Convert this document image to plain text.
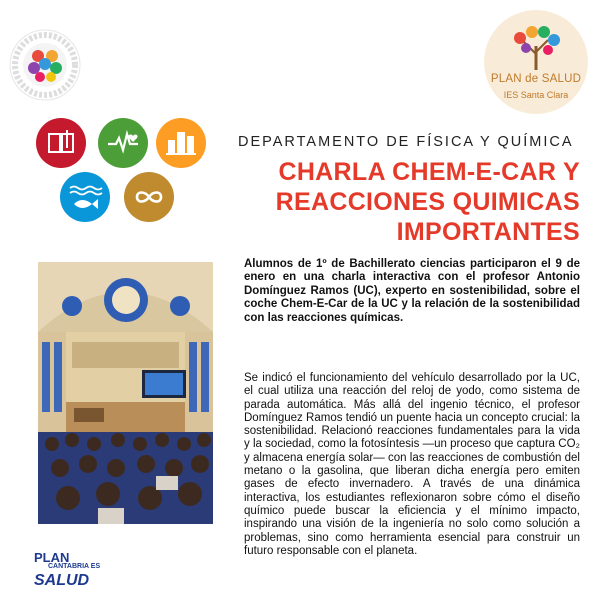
PLAN de SALUD
IES Santa Clara
DEPARTAMENTO DE FÍSICA Y QUÍMICA
CHARLA CHEM-E-CAR Y
REACCIONES QUIMICAS
IMPORTANTES
Alumnos de 1º de Bachillerato ciencias participaron el 9 de enero en una charla interactiva con el profesor Antonio Domínguez Ramos (UC), experto en sostenibilidad, sobre el coche Chem-E-Car de la UC y la relación de la sostenibilidad con las reacciones químicas.
Se indicó el funcionamiento del vehículo desarrollado por la UC, el cual utiliza una reacción del reloj de yodo, como sistema de parada automática. Más allá del ingenio técnico, el profesor Domínguez Ramos tendió un puente hacia un concepto crucial: la sostenibilidad. Relacionó reacciones fundamentales para la vida y la sociedad, como la fotosíntesis —un proceso que captura CO₂ y almacena energía solar— con las reacciones de combustión del metano o la gasolina, que liberan dicha energía pero emiten gases de efecto invernadero. A través de una dinámica interactiva, los estudiantes reflexionaron sobre cómo el diseño químico puede buscar la eficiencia y el mínimo impacto, inspirando una visión de la ingeniería no solo como solución a problemas, sino como herramienta esencial para construir un futuro responsable con el planeta.
PLAN
CANTABRIA ES
SALUD
